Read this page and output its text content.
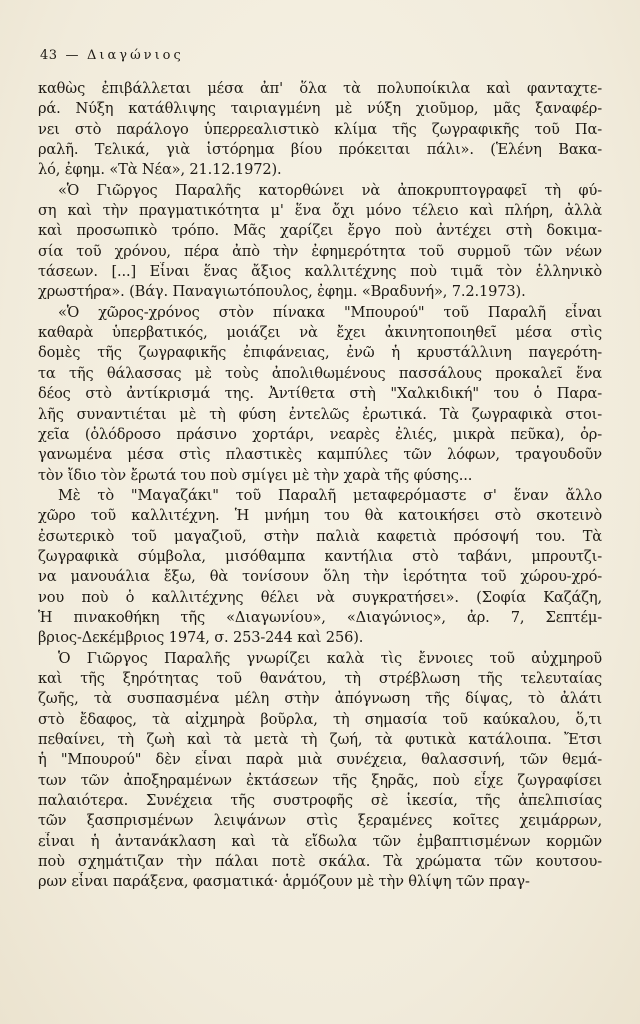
43 — Διαγώνιος
καθὼς ἐπιβάλλεται μέσα ἀπ' ὅλα τὰ πολυποίκιλα καὶ φανταχτε-
ρά. Νύξη κατάθλιψης ταιριαγμένη μὲ νύξη χιοῦμορ, μᾶς ξαναφέρ-
νει στὸ παράλογο ὑπερρεαλιστικὸ κλίμα τῆς ζωγραφικῆς τοῦ Πα-
ραλῆ. Τελικά, γιὰ ἱστόρημα βίου πρόκειται πάλι». (Ἑλένη Βακα-
λό, ἐφημ. «Τὰ Νέα», 21.12.1972).
«Ὁ Γιῶργος Παραλῆς κατορθώνει νὰ ἀποκρυπτογραφεῖ τὴ φύ-
ση καὶ τὴν πραγματικότητα μ' ἕνα ὄχι μόνο τέλειο καὶ πλήρη, ἀλλὰ
καὶ προσωπικὸ τρόπο. Μᾶς χαρίζει ἔργο ποὺ ἀντέχει στὴ δοκιμα-
σία τοῦ χρόνου, πέρα ἀπὸ τὴν ἐφημερότητα τοῦ συρμοῦ τῶν νέων
τάσεων. [...] Εἶναι ἕνας ἄξιος καλλιτέχνης ποὺ τιμᾶ τὸν ἑλληνικὸ
χρωστήρα». (Βάγ. Παναγιωτόπουλος, ἐφημ. «Βραδυνή», 7.2.1973).
«Ὁ χῶρος-χρόνος στὸν πίνακα "Μπουρού" τοῦ Παραλῆ εἶναι
καθαρὰ ὑπερβατικός, μοιάζει νὰ ἔχει ἀκινητοποιηθεῖ μέσα στὶς
δομὲς τῆς ζωγραφικῆς ἐπιφάνειας, ἐνῶ ἡ κρυστάλλινη παγερότη-
τα τῆς θάλασσας μὲ τοὺς ἀπολιθωμένους πασσάλους προκαλεῖ ἕνα
δέος στὸ ἀντίκρισμά της. Ἀντίθετα στὴ "Χαλκιδική" του ὁ Παρα-
λῆς συναντιέται μὲ τὴ φύση ἐντελῶς ἐρωτικά. Τὰ ζωγραφικὰ στοι-
χεῖα (ὁλόδροσο πράσινο χορτάρι, νεαρὲς ἐλιές, μικρὰ πεῦκα), ὀρ-
γανωμένα μέσα στὶς πλαστικὲς καμπύλες τῶν λόφων, τραγουδοῦν
τὸν ἴδιο τὸν ἔρωτά του ποὺ σμίγει μὲ τὴν χαρὰ τῆς φύσης...
Μὲ τὸ "Μαγαζάκι" τοῦ Παραλῆ μεταφερόμαστε σ' ἕναν ἄλλο
χῶρο τοῦ καλλιτέχνη. Ἡ μνήμη του θὰ κατοικήσει στὸ σκοτεινὸ
ἐσωτερικὸ τοῦ μαγαζιοῦ, στὴν παλιὰ καφετιὰ πρόσοψή του. Τὰ
ζωγραφικὰ σύμβολα, μισόθαμπα καντήλια στὸ ταβάνι, μπρουτζι-
να μανουάλια ἔξω, θὰ τονίσουν ὅλη τὴν ἱερότητα τοῦ χώρου-χρό-
νου ποὺ ὁ καλλιτέχνης θέλει νὰ συγκρατήσει». (Σοφία Καζάζη,
Ἡ πινακοθήκη τῆς «Διαγωνίου», «Διαγώνιος», ἀρ. 7, Σεπτέμ-
βριος-Δεκέμβριος 1974, σ. 253-244 καὶ 256).
Ὁ Γιῶργος Παραλῆς γνωρίζει καλὰ τὶς ἔννοιες τοῦ αὐχμηροῦ
καὶ τῆς ξηρότητας τοῦ θανάτου, τὴ στρέβλωση τῆς τελευταίας
ζωῆς, τὰ συσπασμένα μέλη στὴν ἀπόγνωση τῆς δίψας, τὸ ἀλάτι
στὸ ἔδαφος, τὰ αἰχμηρὰ βοῦρλα, τὴ σημασία τοῦ καύκαλου, ὅ,τι
πεθαίνει, τὴ ζωὴ καὶ τὰ μετὰ τὴ ζωή, τὰ φυτικὰ κατάλοιπα. Ἔτσι
ἡ "Μπουρού" δὲν εἶναι παρὰ μιὰ συνέχεια, θαλασσινή, τῶν θεμά-
των τῶν ἀποξηραμένων ἐκτάσεων τῆς ξηρᾶς, ποὺ εἶχε ζωγραφίσει
παλαιότερα. Συνέχεια τῆς συστροφῆς σὲ ἱκεσία, τῆς ἀπελπισίας
τῶν ξασπρισμένων λειψάνων στὶς ξεραμένες κοῖτες χειμάρρων,
εἶναι ἡ ἀντανάκλαση καὶ τὰ εἴδωλα τῶν ἐμβαπτισμένων κορμῶν
ποὺ σχημάτιζαν τὴν πάλαι ποτὲ σκάλα. Τὰ χρώματα τῶν κουτσου-
ρων εἶναι παράξενα, φασματικά· ἁρμόζουν μὲ τὴν θλίψη τῶν πραγ-
